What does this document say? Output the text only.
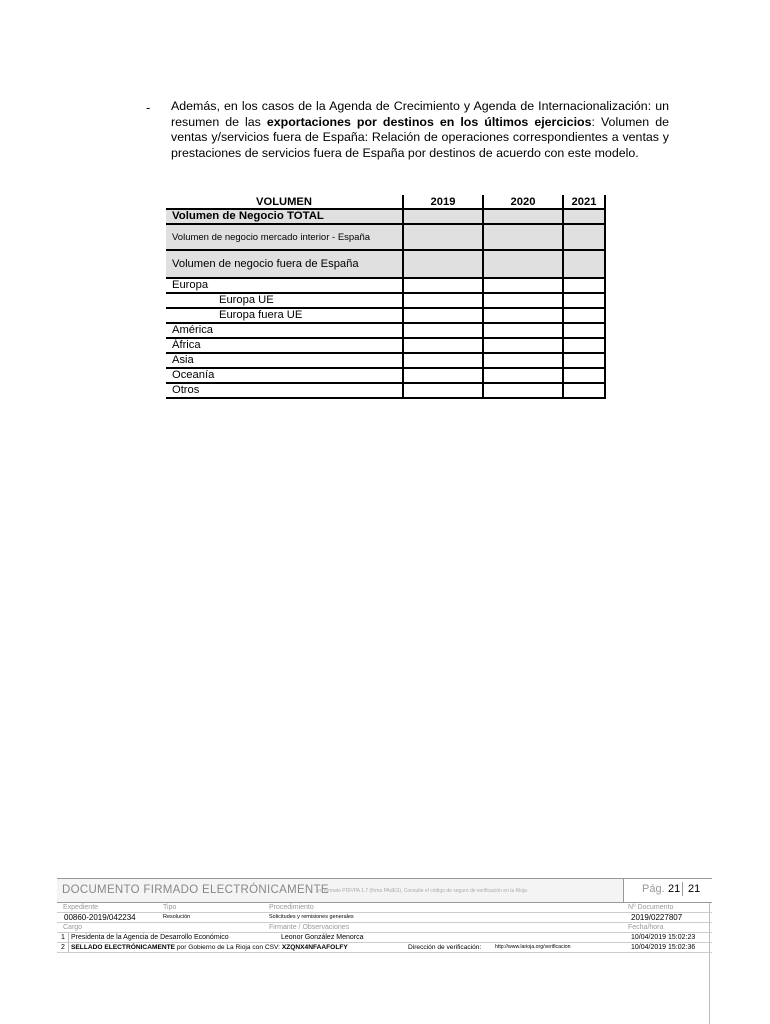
- Además, en los casos de la Agenda de Crecimiento y Agenda de Internacionalización: un resumen de las exportaciones por destinos en los últimos ejercicios: Volumen de ventas y/servicios fuera de España: Relación de operaciones correspondientes a ventas y prestaciones de servicios fuera de España por destinos de acuerdo con este modelo.
VOLUMEN	2019	2020	2021
Volumen de Negocio TOTAL			
Volumen de negocio mercado interior - España			
Volumen de negocio fuera de España			
Europa			
Europa UE			
Europa fuera UE			
América			
África			
Asia			
Oceanía			
Otros			
DOCUMENTO FIRMADO ELECTRÓNICAMENTE
en formato PDF/PA 1.7 (firma PAdES). Consulte el código de seguro de verificación en la Rioja	Pág. 21 21
Expediente	Tipo	Procedimiento	Nº Documento
00860-2019/042234	Resolución	Solicitudes y remisiones generales	2019/0227807
Cargo	Firmante / Observaciones	Fecha/hora
1 Presidenta de la Agencia de Desarrollo Económico	Leonor González Menorca	10/04/2019 15:02:23
2 SELLADO ELECTRÓNICAMENTE por Gobierno de La Rioja con CSV: XZQNX4NFAAFOLFY	Dirección de verificación:	http://www.larioja.org/verificacion	10/04/2019 15:02:36
